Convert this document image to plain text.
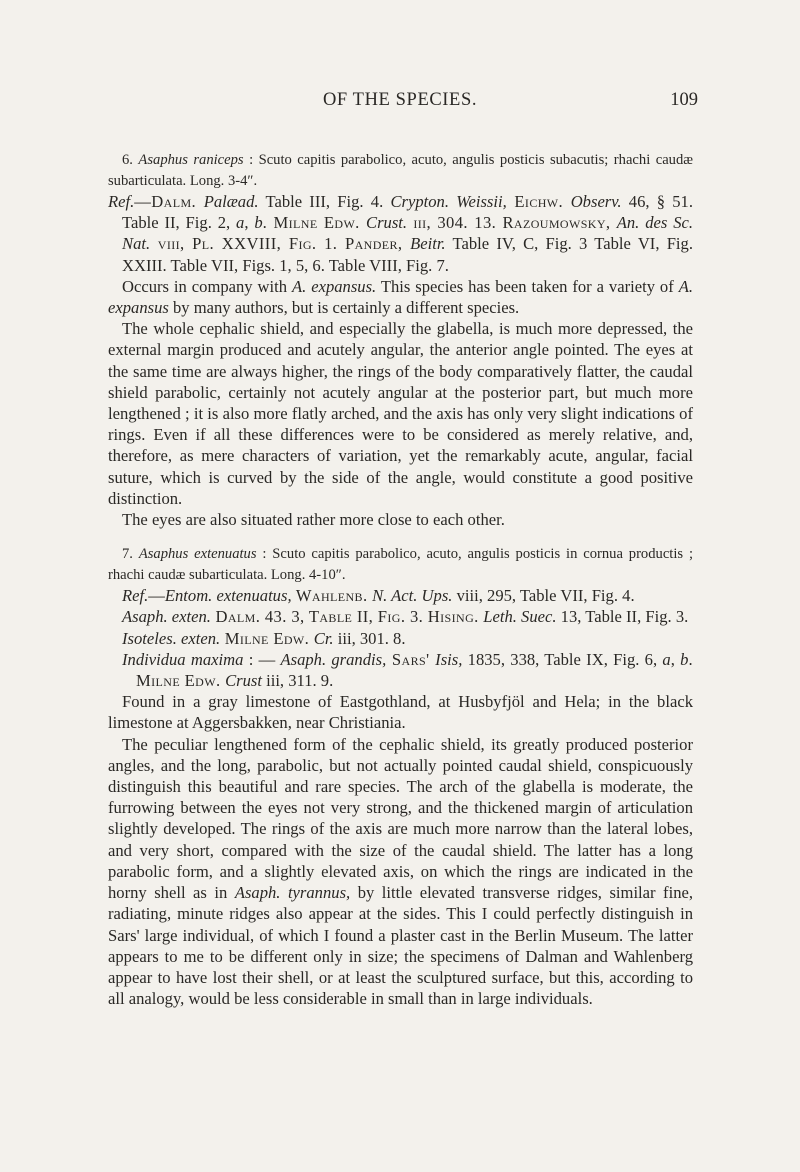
OF THE SPECIES.	109

6. Asaphus raniceps : Scuto capitis parabolico, acuto, angulis posticis subacutis; rhachi caudæ subarticulata. Long. 3-4″.

Ref.—Dalm. Palæad. Table III, Fig. 4. Crypton. Weissii, Eichw. Observ. 46, § 51. Table II, Fig. 2, a, b. Milne Edw. Crust. iii, 304. 13. Razoumowsky, An. des Sc. Nat. viii, Pl. XXVIII, Fig. 1. Pander, Beitr. Table IV, C, Fig. 3 Table VI, Fig. XXIII. Table VII, Figs. 1, 5, 6. Table VIII, Fig. 7.

Occurs in company with A. expansus. This species has been taken for a variety of A. expansus by many authors, but is certainly a different species.

The whole cephalic shield, and especially the glabella, is much more depressed, the external margin produced and acutely angular, the anterior angle pointed. The eyes at the same time are always higher, the rings of the body comparatively flatter, the caudal shield parabolic, certainly not acutely angular at the posterior part, but much more lengthened ; it is also more flatly arched, and the axis has only very slight indications of rings. Even if all these differences were to be considered as merely relative, and, therefore, as mere characters of variation, yet the remarkably acute, angular, facial suture, which is curved by the side of the angle, would constitute a good positive distinction.

The eyes are also situated rather more close to each other.

7. Asaphus extenuatus : Scuto capitis parabolico, acuto, angulis posticis in cornua productis ; rhachi caudæ subarticulata. Long. 4-10″.

Ref.—Entom. extenuatus, Wahlenb. N. Act. Ups. viii, 295, Table VII, Fig. 4.

Asaph. exten. Dalm. 43. 3, Table II, Fig. 3. Hising. Leth. Suec. 13, Table II, Fig. 3.

Isoteles. exten. Milne Edw. Cr. iii, 301. 8.

Individua maxima : — Asaph. grandis, Sars' Isis, 1835, 338, Table IX, Fig. 6, a, b. Milne Edw. Crust iii, 311. 9.

Found in a gray limestone of Eastgothland, at Husbyfjöl and Hela; in the black limestone at Aggersbakken, near Christiania.

The peculiar lengthened form of the cephalic shield, its greatly produced posterior angles, and the long, parabolic, but not actually pointed caudal shield, conspicuously distinguish this beautiful and rare species. The arch of the glabella is moderate, the furrowing between the eyes not very strong, and the thickened margin of articulation slightly developed. The rings of the axis are much more narrow than the lateral lobes, and very short, compared with the size of the caudal shield. The latter has a long parabolic form, and a slightly elevated axis, on which the rings are indicated in the horny shell as in Asaph. tyrannus, by little elevated transverse ridges, similar fine, radiating, minute ridges also appear at the sides. This I could perfectly distinguish in Sars' large individual, of which I found a plaster cast in the Berlin Museum. The latter appears to me to be different only in size; the specimens of Dalman and Wahlenberg appear to have lost their shell, or at least the sculptured surface, but this, according to all analogy, would be less considerable in small than in large individuals.
